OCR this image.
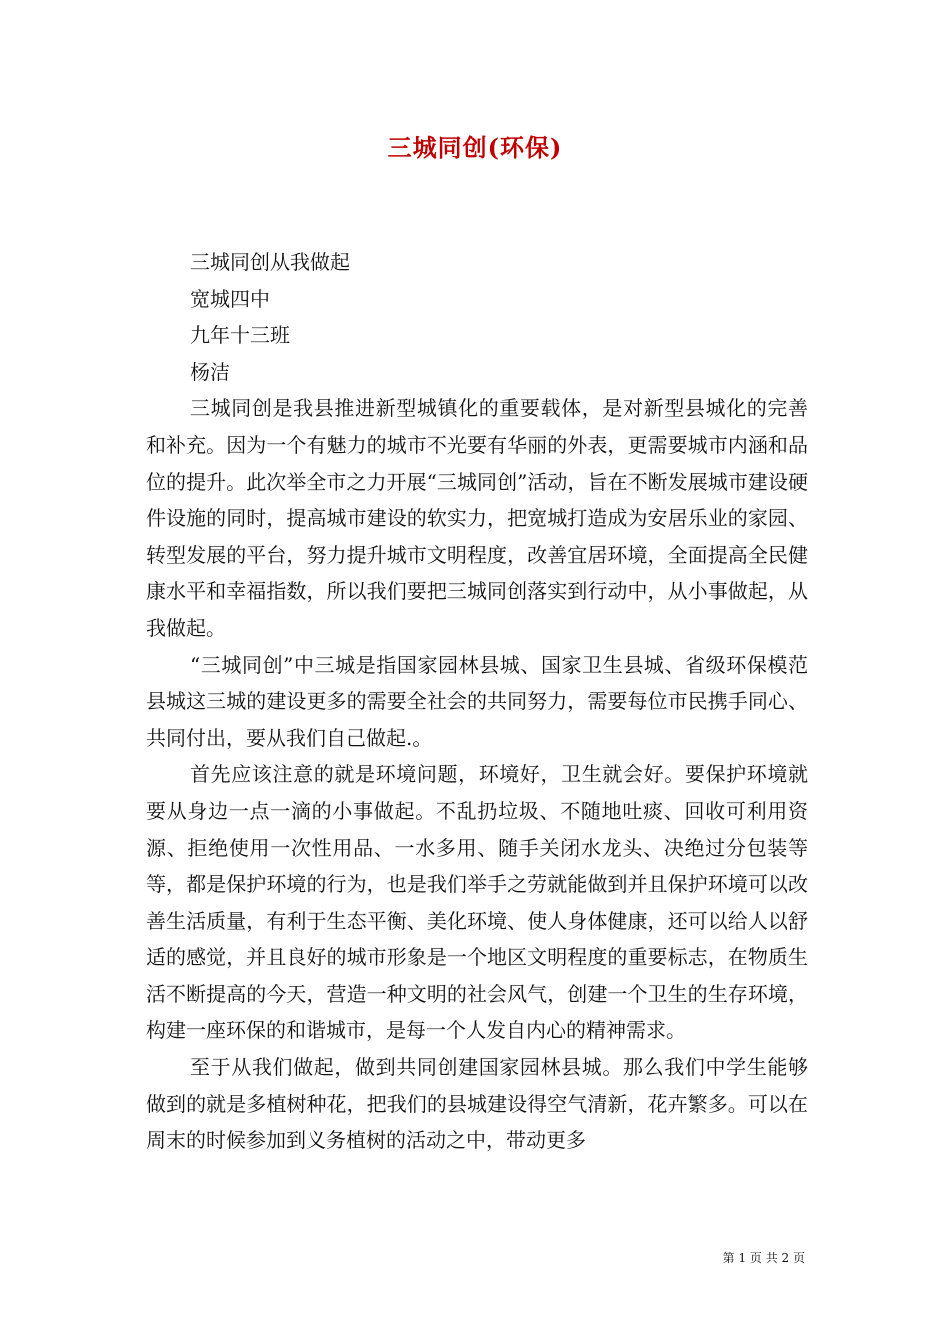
三城同创(环保)

三城同创从我做起

宽城四中

九年十三班

杨洁

三城同创是我县推进新型城镇化的重要载体，是对新型县城化的完善和补充。因为一个有魅力的城市不光要有华丽的外表，更需要城市内涵和品位的提升。此次举全市之力开展“三城同创”活动，旨在不断发展城市建设硬件设施的同时，提高城市建设的软实力，把宽城打造成为安居乐业的家园、转型发展的平台，努力提升城市文明程度，改善宜居环境，全面提高全民健康水平和幸福指数，所以我们要把三城同创落实到行动中，从小事做起，从我做起。

“三城同创”中三城是指国家园林县城、国家卫生县城、省级环保模范县城这三城的建设更多的需要全社会的共同努力，需要每位市民携手同心、共同付出，要从我们自己做起.。

首先应该注意的就是环境问题，环境好，卫生就会好。要保护环境就要从身边一点一滴的小事做起。不乱扔垃圾、不随地吐痰、回收可利用资源、拒绝使用一次性用品、一水多用、随手关闭水龙头、决绝过分包装等等，都是保护环境的行为，也是我们举手之劳就能做到并且保护环境可以改善生活质量，有利于生态平衡、美化环境、使人身体健康，还可以给人以舒适的感觉，并且良好的城市形象是一个地区文明程度的重要标志，在物质生活不断提高的今天，营造一种文明的社会风气，创建一个卫生的生存环境，构建一座环保的和谐城市，是每一个人发自内心的精神需求。

至于从我们做起，做到共同创建国家园林县城。那么我们中学生能够做到的就是多植树种花，把我们的县城建设得空气清新，花卉繁多。可以在周末的时候参加到义务植树的活动之中，带动更多

第 1 页 共 2 页
